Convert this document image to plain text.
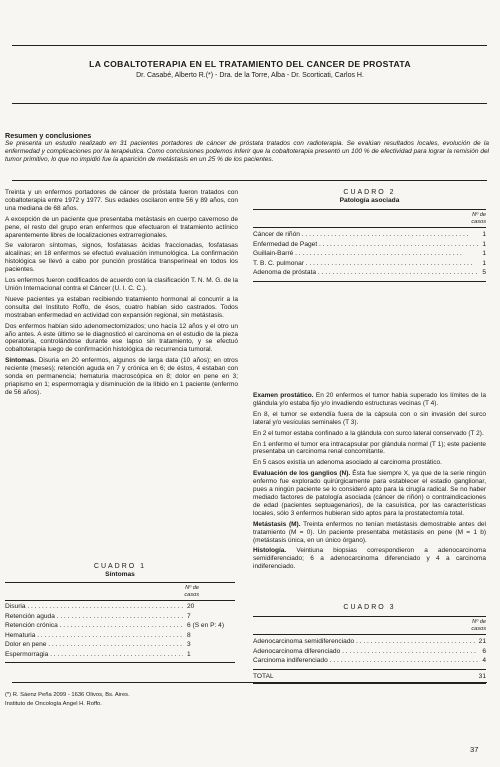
LA COBALTOTERAPIA EN EL TRATAMIENTO DEL CANCER DE PROSTATA
Dr. Casabé, Alberto R.(*) - Dra. de la Torre, Alba - Dr. Scorticati, Carlos H.
Resumen y conclusiones
Se presenta un estudio realizado en 31 pacientes portadores de cáncer de próstata tratados con radioterapia. Se evalúan resultados locales, evolución de la enfermedad y complicaciones por la terapéutica. Como conclusiones podemos inferir que la cobaltoterapia presentó un 100 % de efectividad para lograr la remisión del tumor primitivo, lo que no impidió fue la aparición de metástasis en un 25 % de los pacientes.

Treinta y un enfermos portadores de cáncer de próstata fueron tratados con cobaltoterapia entre 1972 y 1977. Sus edades oscilaron entre 56 y 89 años, con una mediana de 68 años.

A excepción de un paciente que presentaba metástasis en cuerpo cavernoso de pene, el resto del grupo eran enfermos que efectuaron el tratamiento actínico aparentemente libres de localizaciones extrarregionales.

Se valoraron síntomas, signos, fosfatasas ácidas fraccionadas, fosfatasas alcalinas; en 18 enfermos se efectuó evaluación inmunológica. La confirmación histológica se llevó a cabo por punción prostática transperineal en todos los pacientes.

Los enfermos fueron codificados de acuerdo con la clasificación T. N. M. G. de la Unión Internacional contra el Cáncer (U. I. C. C.).

Nueve pacientes ya estaban recibiendo tratamiento hormonal al concurrir a la consulta del Instituto Roffo, de ésos, cuatro habían sido castrados. Todos mostraban enfermedad en actividad con expansión regional, sin metástasis.

Dos enfermos habían sido adenomectomizados; uno hacía 12 años y el otro un año antes. A este último se le diagnosticó el carcinoma en el estudio de la pieza operatoria, controlándose durante ese lapso sin tratamiento, y se efectuó cobaltoterapia luego de confirmación histológica de recurrencia tumoral.

Síntomas. Disuria en 20 enfermos, algunos de larga data (10 años); en otros reciente (meses); retención aguda en 7 y crónica en 6; de éstos, 4 estaban con sonda en permanencia; hematuria macroscópica en 8; dolor en pene en 3; priapismo en 1; espermorragia y disminución de la líbido en 1 paciente (enfermo de 56 años).

CUADRO 1
Síntomas
Nº de casos
Disuria . . .	20
Retención aguda . . .	7
Retención crónica . . .	6 (S en P: 4)
Hematuria . . .	8
Dolor en pene . . .	3
Espermorragia . . .	1
CUADRO 2
Patología asociada
Nº de casos
Cáncer de riñón . . .	1
Enfermedad de Paget . . .	1
Guillain-Barré . . .	1
T. B. C. pulmonar . . .	1
Adenoma de próstata . . .	5

Examen prostático. En 20 enfermos el tumor había superado los límites de la glándula y/o estaba fijo y/o invadiendo estructuras vecinas (T 4).

En 8, el tumor se extendía fuera de la cápsula con o sin invasión del surco lateral y/o vesículas seminales (T 3).

En 2 el tumor estaba confinado a la glándula con surco lateral conservado (T 2).

En 1 enfermo el tumor era intracapsular por glándula normal (T 1); este paciente presentaba un carcinoma renal concomitante.

En 5 casos existía un adenoma asociado al carcinoma prostático.

Evaluación de los ganglios (N). Ésta fue siempre X, ya que de la serie ningún enfermo fue explorado quirúrgicamente para establecer el estadio ganglionar, pues a ningún paciente se lo consideró apto para la cirugía radical. Se no haber mediado factores de patología asociada (cáncer de riñón) o contraindicaciones de edad (pacientes septuagenarios), de la casuística, por las características locales, sólo 3 enfermos hubieran sido aptos para la prostatectomía total.

Metástasis (M). Treinta enfermos no tenían metástasis demostrable antes del tratamiento (M = 0). Un paciente presentaba metástasis en pene (M = 1 b) (metástasis única, en un único órgano).

Histología. Veintiuna biopsias correspondieron a adenocarcinoma semidiferenciado; 6 a adenocarcinoma diferenciado y 4 a carcinoma indiferenciado.

CUADRO 3
Nº de casos
Adenocarcinoma semidiferenciado . . .	21
Adenocarcinoma diferenciado . . .	6
Carcinoma indiferenciado . . .	4
TOTAL	31
(*) R. Sáenz Peña 2099 - 1636 Olivos, Bs. Aires.
Instituto de Oncología Angel H. Roffo.
37
